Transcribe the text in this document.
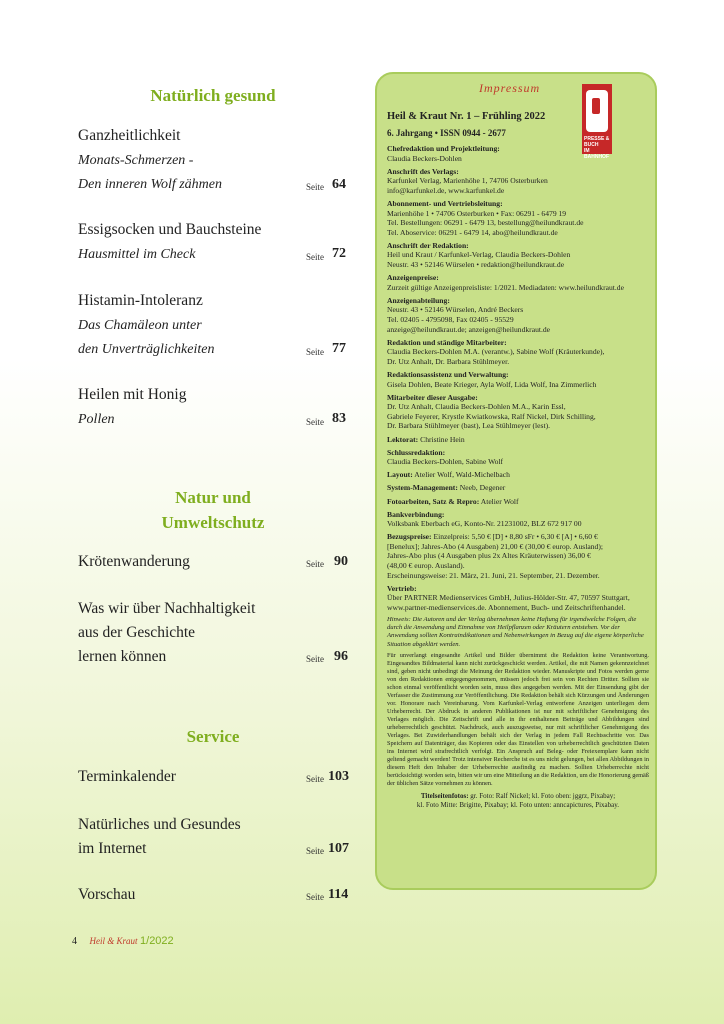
Natürlich gesund
Natur und
Umweltschutz
Service
Ganzheitlichkeit
Monats-Schmerzen -
Den inneren Wolf zähmen	Seite 64
Essigsocken und Bauchsteine
Hausmittel im Check	Seite 72
Histamin-Intoleranz
Das Chamäleon unter
den Unverträglichkeiten	Seite 77
Heilen mit Honig
Pollen	Seite 83
Krötenwanderung	Seite 90
Was wir über Nachhaltigkeit
aus der Geschichte
lernen können	Seite 96
Terminkalender	Seite 103
Natürliches und Gesundes
im Internet	Seite 107
Vorschau	Seite 114
Impressum
PRESSE & BUCH
IM BAHNHOF
Heil & Kraut Nr. 1 – Frühling 2022
6. Jahrgang • ISSN 0944 - 2677
Chefredaktion und Projektleitung:
Claudia Beckers-Dohlen
Anschrift des Verlags:
Karfunkel Verlag, Marienhöhe 1, 74706 Osterburken
info@karfunkel.de, www.karfunkel.de
Abonnement- und Vertriebsleitung:
Marienhöhe 1 • 74706 Osterburken • Fax: 06291 - 6479 19
Tel. Bestellungen: 06291 - 6479 13, bestellung@heilundkraut.de
Tel. Aboservice: 06291 - 6479 14, abo@heilundkraut.de
Anschrift der Redaktion:
Heil und Kraut / Karfunkel-Verlag, Claudia Beckers-Dohlen
Neustr. 43 • 52146 Würselen • redaktion@heilundkraut.de
Anzeigenpreise:
Zurzeit gültige Anzeigenpreisliste: 1/2021. Mediadaten: www.heilundkraut.de
Anzeigenabteilung:
Neustr. 43 • 52146 Würselen, André Beckers
Tel. 02405 - 4795098, Fax 02405 - 95529
anzeige@heilundkraut.de; anzeigen@heilundkraut.de
Redaktion und ständige Mitarbeiter:
Claudia Beckers-Dohlen M.A. (verantw.), Sabine Wolf (Kräuterkunde),
Dr. Utz Anhalt, Dr. Barbara Stühlmeyer.
Redaktionsassistenz und Verwaltung:
Gisela Dohlen, Beate Krieger, Ayla Wolf, Lida Wolf, Ina Zimmerlich
Mitarbeiter dieser Ausgabe:
Dr. Utz Anhalt, Claudia Beckers-Dohlen M.A., Karin Essl,
Gabriele Feyerer, Krystle Kwiatkowska, Ralf Nickel, Dirk Schilling,
Dr. Barbara Stühlmeyer (bast), Lea Stühlmeyer (lest).
Lektorat: Christine Hein
Schlussredaktion:
Claudia Beckers-Dohlen, Sabine Wolf
Layout: Atelier Wolf, Wald-Michelbach
System-Management: Neeb, Degener
Fotoarbeiten, Satz & Repro: Atelier Wolf
Bankverbindung:
Volksbank Eberbach eG, Konto-Nr. 21231002, BLZ 672 917 00
Bezugspreise: Einzelpreis: 5,50 € [D] • 8,80 sFr • 6,30 € [A] • 6,60 €
[Benelux]; Jahres-Abo (4 Ausgaben) 21,00 € (30,00 € europ. Ausland);
Jahres-Abo plus (4 Ausgaben plus 2x Altes Kräuterwissen) 36,00 €
(48,00 € europ. Ausland).
Erscheinungsweise: 21. März, 21. Juni, 21. September, 21. Dezember.
Vertrieb:
Über PARTNER Medienservices GmbH, Julius-Hölder-Str. 47, 70597 Stuttgart,
www.partner-medienservices.de. Abonnement, Buch- und Zeitschriftenhandel.
Hinweis: Die Autoren und der Verlag übernehmen keine Haftung für irgendwelche Folgen, die durch die Anwendung und Einnahme von Heilpflanzen oder Kräutern entstehen. Vor der Anwendung sollten Kontraindikationen und Nebenwirkungen in Bezug auf die eigene körperliche Situation abgeklärt werden.
Für unverlangt eingesandte Artikel und Bilder übernimmt die Redaktion keine Verantwortung. Eingesandtes Bildmaterial kann nicht zurückgeschickt werden. Artikel, die mit Namen gekennzeichnet sind, geben nicht unbedingt die Meinung der Redaktion wieder. Manuskripte und Fotos werden gerne von den Redaktionen entgegengenommen, müssen jedoch frei sein von Rechten Dritter. Sollten sie schon einmal veröffentlicht worden sein, muss dies angegeben werden. Mit der Einsendung gibt der Verfasser die Zustimmung zur Veröffentlichung. Die Redaktion behält sich Kürzungen und Änderungen vor. Honorare nach Vereinbarung. Vom Karfunkel-Verlag entworfene Anzeigen unterliegen dem Urheberrecht. Der Abdruck in anderen Publikationen ist nur mit schriftlicher Genehmigung des Verlages möglich. Die Zeitschrift und alle in ihr enthaltenen Beiträge und Abbildungen sind urheberrechtlich geschützt. Nachdruck, auch auszugsweise, nur mit schriftlicher Genehmigung des Verlages. Bei Zuwiderhandlungen behält sich der Verlag in jedem Fall Rechtsschritte vor. Das Speichern auf Datenträger, das Kopieren oder das Einstellen von urheberrechtlich geschützten Daten ins Internet wird strafrechtlich verfolgt. Ein Anspruch auf Beleg- oder Freiexemplare kann nicht geltend gemacht werden! Trotz intensiver Recherche ist es uns nicht gelungen, bei allen Abbildungen in diesem Heft den Inhaber der Urheberrechte ausfindig zu machen. Sollten Urheberrechte nicht berücksichtigt worden sein, bitten wir um eine Mitteilung an die Redaktion, um die Honorierung gemäß der üblichen Sätze vornehmen zu können.
Titelseitenfotos: gr. Foto: Ralf Nickel; kl. Foto oben: jggrz, Pixabay;
kl. Foto Mitte: Brigitte, Pixabay; kl. Foto unten: anncapictures, Pixabay.
4 Heil & Kraut 1/2022
